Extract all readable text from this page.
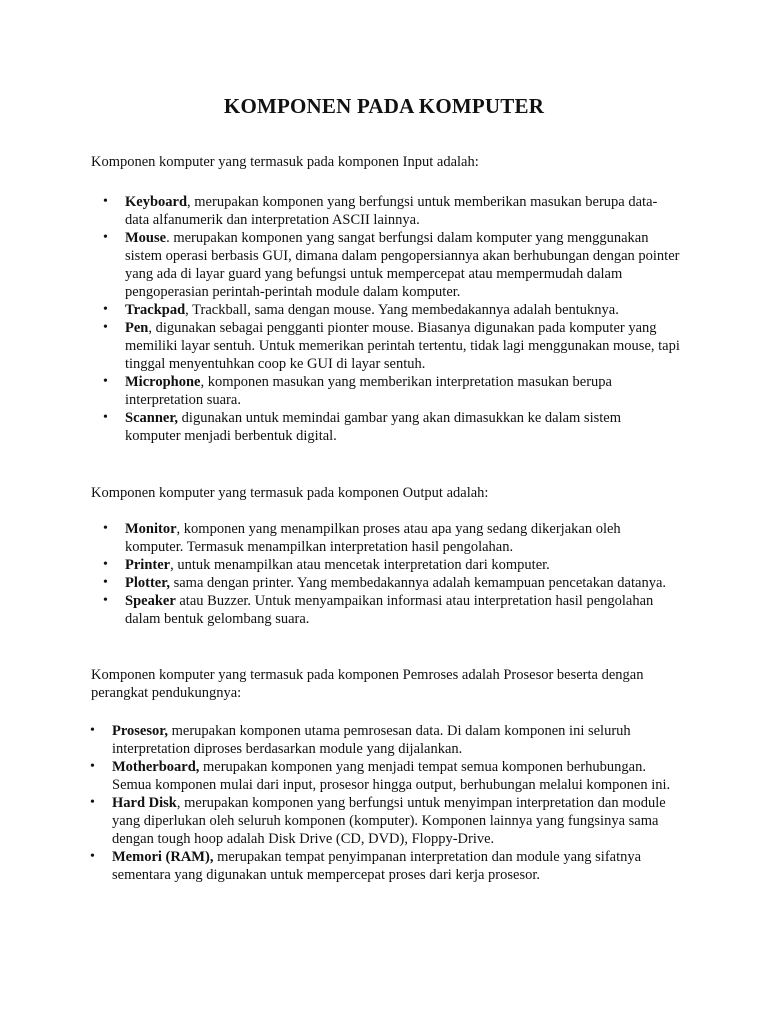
KOMPONEN PADA KOMPUTER

Komponen komputer yang termasuk pada komponen Input adalah:

• Keyboard, merupakan komponen yang berfungsi untuk memberikan masukan berupa data-data alfanumerik dan interpretation ASCII lainnya.
• Mouse. merupakan komponen yang sangat berfungsi dalam komputer yang menggunakan sistem operasi berbasis GUI, dimana dalam pengopersiannya akan berhubungan dengan pointer yang ada di layar guard yang befungsi untuk mempercepat atau mempermudah dalam pengoperasian perintah-perintah module dalam komputer.
• Trackpad, Trackball, sama dengan mouse. Yang membedakannya adalah bentuknya.
• Pen, digunakan sebagai pengganti pionter mouse. Biasanya digunakan pada komputer yang memiliki layar sentuh. Untuk memerikan perintah tertentu, tidak lagi menggunakan mouse, tapi tinggal menyentuhkan coop ke GUI di layar sentuh.
• Microphone, komponen masukan yang memberikan interpretation masukan berupa interpretation suara.
• Scanner, digunakan untuk memindai gambar yang akan dimasukkan ke dalam sistem komputer menjadi berbentuk digital.

Komponen komputer yang termasuk pada komponen Output adalah:

• Monitor, komponen yang menampilkan proses atau apa yang sedang dikerjakan oleh komputer. Termasuk menampilkan interpretation hasil pengolahan.
• Printer, untuk menampilkan atau mencetak interpretation dari komputer.
• Plotter, sama dengan printer. Yang membedakannya adalah kemampuan pencetakan datanya.
• Speaker atau Buzzer. Untuk menyampaikan informasi atau interpretation hasil pengolahan dalam bentuk gelombang suara.

Komponen komputer yang termasuk pada komponen Pemroses adalah Prosesor beserta dengan perangkat pendukungnya:

• Prosesor, merupakan komponen utama pemrosesan data. Di dalam komponen ini seluruh interpretation diproses berdasarkan module yang dijalankan.
• Motherboard, merupakan komponen yang menjadi tempat semua komponen berhubungan. Semua komponen mulai dari input, prosesor hingga output, berhubungan melalui komponen ini.
• Hard Disk, merupakan komponen yang berfungsi untuk menyimpan interpretation dan module yang diperlukan oleh seluruh komponen (komputer). Komponen lainnya yang fungsinya sama dengan tough hoop adalah Disk Drive (CD, DVD), Floppy-Drive.
• Memori (RAM), merupakan tempat penyimpanan interpretation dan module yang sifatnya sementara yang digunakan untuk mempercepat proses dari kerja prosesor.
